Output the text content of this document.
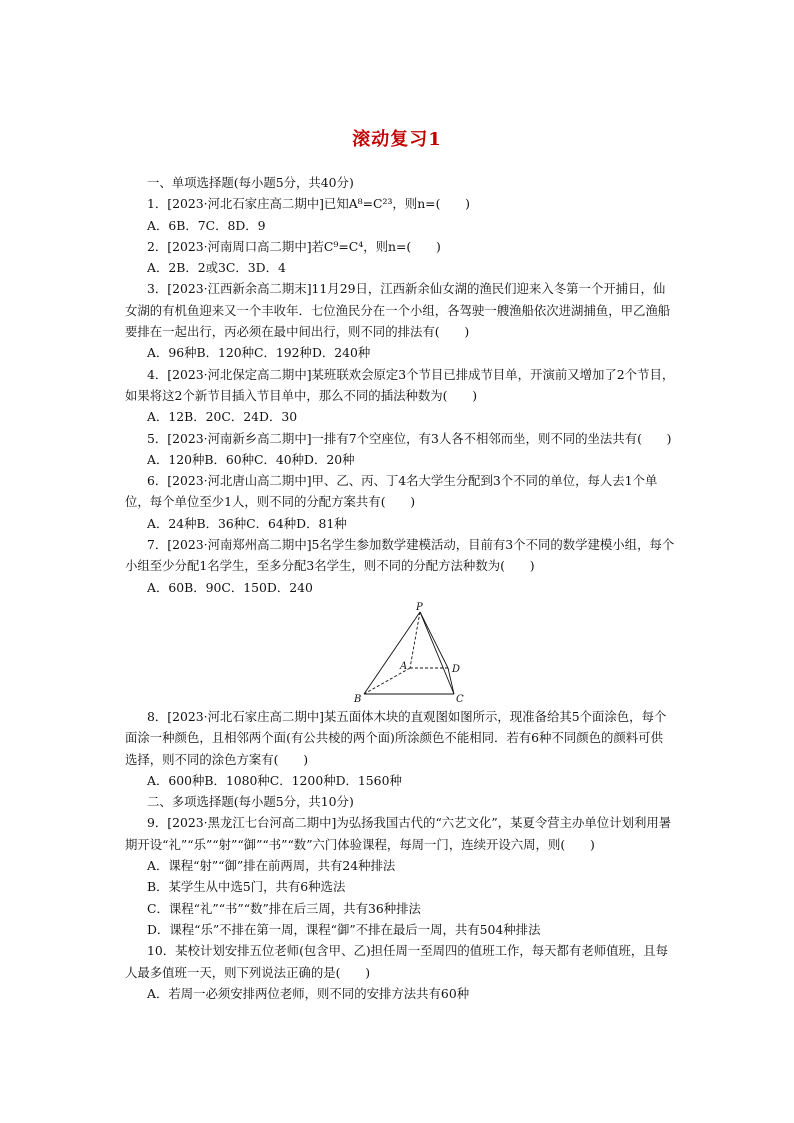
滚动复习1
一、单项选择题(每小题5分，共40分)
1．[2023·河北石家庄高二期中]已知A⁸=C²³，则n=(　　)
A．6B．7C．8D．9
2．[2023·河南周口高二期中]若C⁹=C⁴，则n=(　　)
A．2B．2或3C．3D．4
3．[2023·江西新余高二期末]11月29日，江西新余仙女湖的渔民们迎来入冬第一个开捕日，仙女湖的有机鱼迎来又一个丰收年．七位渔民分在一个小组，各驾驶一艘渔船依次进湖捕鱼，甲乙渔船要排在一起出行，丙必须在最中间出行，则不同的排法有(　　)
A．96种B．120种C．192种D．240种
4．[2023·河北保定高二期中]某班联欢会原定3个节目已排成节目单，开演前又增加了2个节目，如果将这2个新节目插入节目单中，那么不同的插法种数为(　　)
A．12B．20C．24D．30
5．[2023·河南新乡高二期中]一排有7个空座位，有3人各不相邻而坐，则不同的坐法共有(　　)
A．120种B．60种C．40种D．20种
6．[2023·河北唐山高二期中]甲、乙、丙、丁4名大学生分配到3个不同的单位，每人去1个单位，每个单位至少1人，则不同的分配方案共有(　　)
A．24种B．36种C．64种D．81种
7．[2023·河南郑州高二期中]5名学生参加数学建模活动，目前有3个不同的数学建模小组，每个小组至少分配1名学生，至多分配3名学生，则不同的分配方法种数为(　　)
A．60B．90C．150D．240
P
A
B	C
D
8．[2023·河北石家庄高二期中]某五面体木块的直观图如图所示，现准备给其5个面涂色，每个面涂一种颜色，且相邻两个面(有公共棱的两个面)所涂颜色不能相同．若有6种不同颜色的颜料可供选择，则不同的涂色方案有(　　)
A．600种B．1080种C．1200种D．1560种
二、多项选择题(每小题5分，共10分)
9．[2023·黑龙江七台河高二期中]为弘扬我国古代的“六艺文化”，某夏令营主办单位计划利用暑期开设“礼”“乐”“射”“御”“书”“数”六门体验课程，每周一门，连续开设六周，则(　　)
A．课程“射”“御”排在前两周，共有24种排法
B．某学生从中选5门，共有6种选法
C．课程“礼”“书”“数”排在后三周，共有36种排法
D．课程“乐”不排在第一周，课程“御”不排在最后一周，共有504种排法
10．某校计划安排五位老师(包含甲、乙)担任周一至周四的值班工作，每天都有老师值班，且每人最多值班一天，则下列说法正确的是(　　)
A．若周一必须安排两位老师，则不同的安排方法共有60种
